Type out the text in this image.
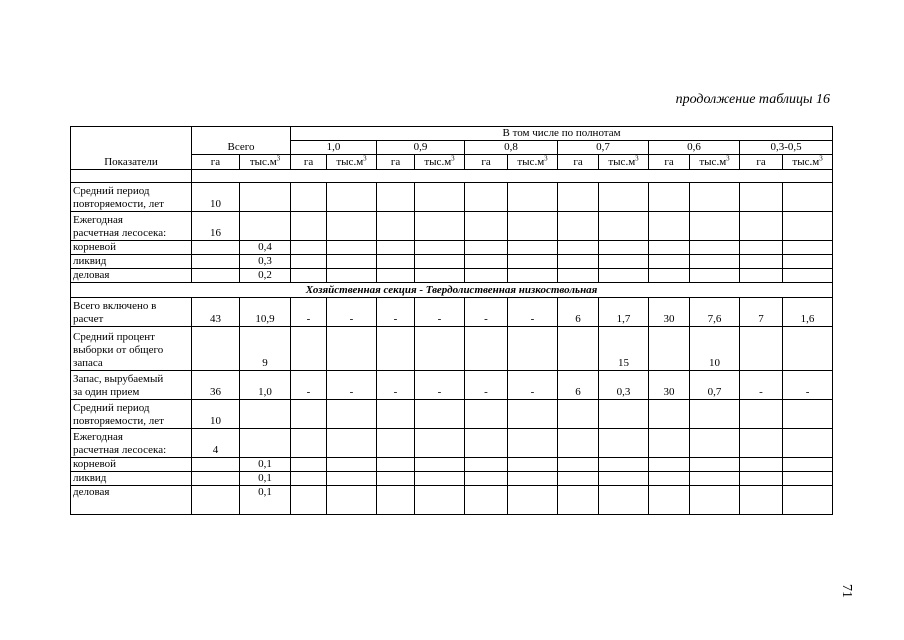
продолжение таблицы 16
Показатели	Всего		В том числе по полнотам											
			1,0		0,9		0,8		0,7		0,6		0,3-0,5	
	га	$тыс.м^3$	га	$тыс.м^3$	га	$тыс.м^3$	га	$тыс.м^3$	га	$тыс.м^3$	га	$тыс.м^3$	га	$тыс.м^3$

Средний период
повторяемости, лет	10													

Ежегодная
расчетная лесосека:	16													

корневой		0,4												

ликвид		0,3												

деловая		0,2												
Хозяйственная секция - Твердолиственная низкоствольная														

Всего включено в
расчет	43	10,9	-	-	-	-	-	-	6	1,7	30	7,6	7	1,6

Средний процент
выборки от общего
запаса		9								15		10		

Запас, вырубаемый
за один прием	36	1,0	-	-	-	-	-	-	6	0,3	30	0,7	-	-

Средний период
повторяемости, лет	10													

Ежегодная
расчетная лесосека:	4													

корневой		0,1												

ликвид		0,1												

деловая		0,1												
71
